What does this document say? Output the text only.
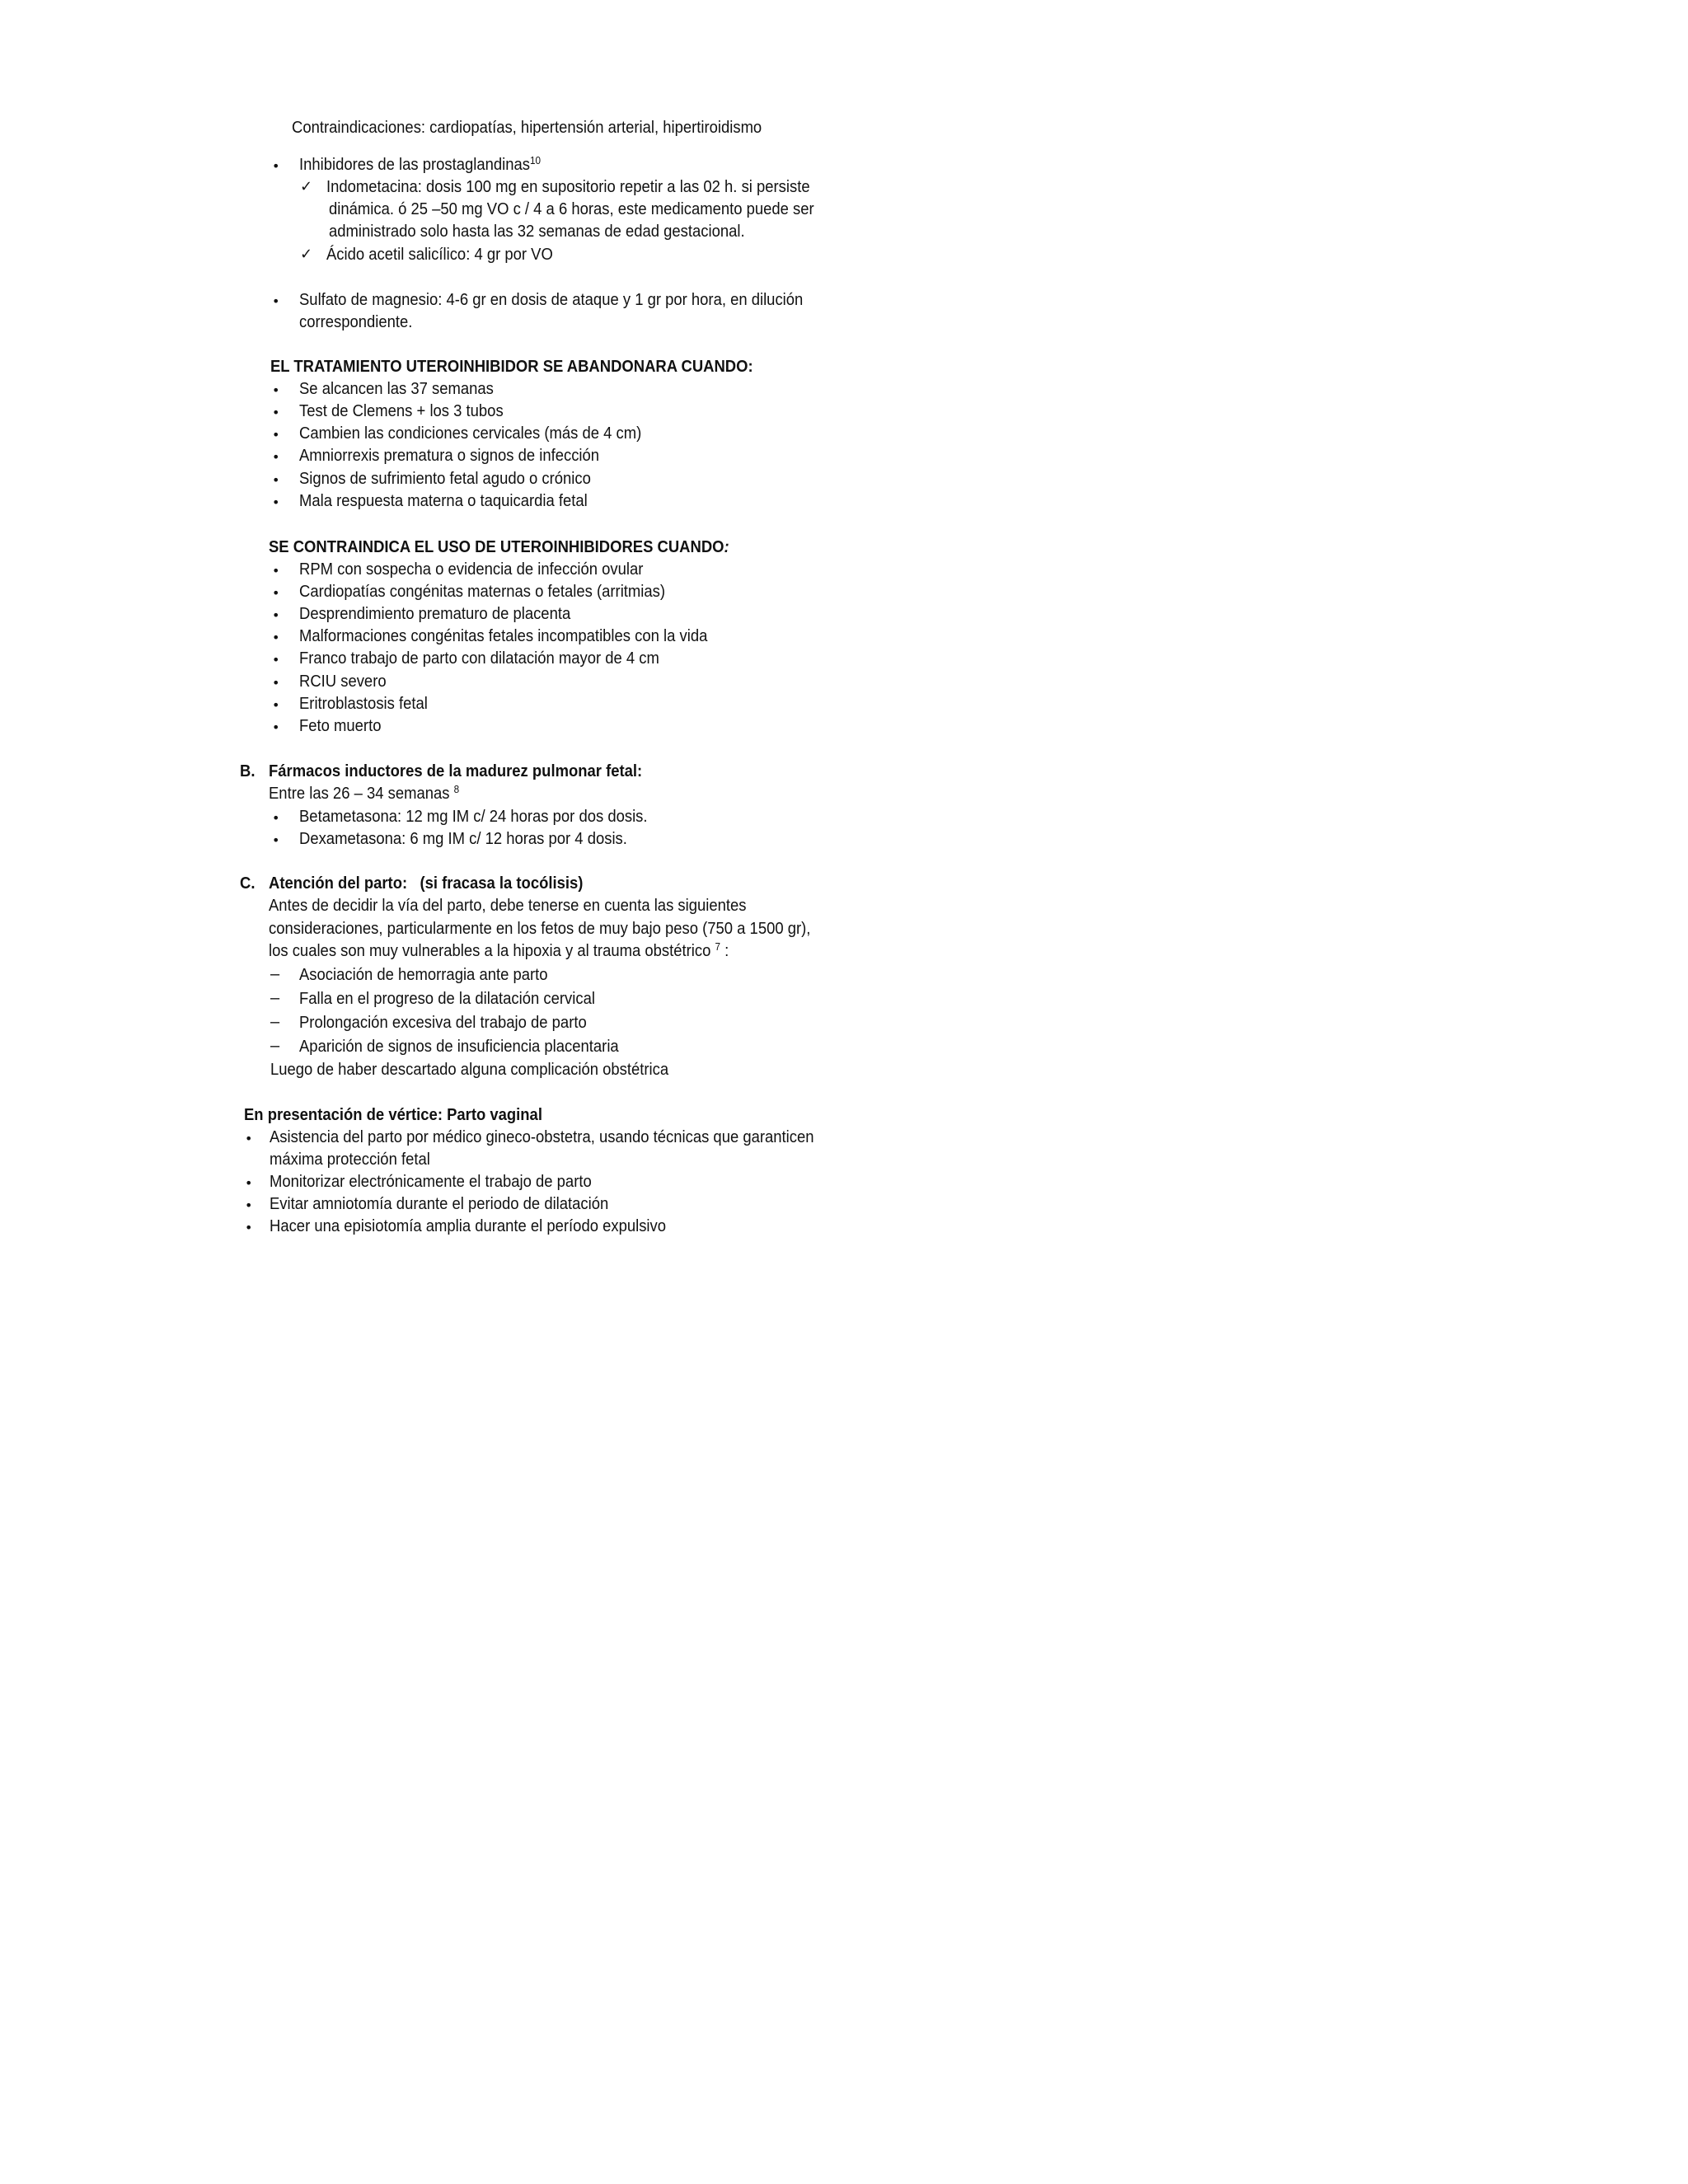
Contraindicaciones: cardiopatías, hipertensión arterial, hipertiroidismo
• Inhibidores de las prostaglandinas$^{10}$
✓ Indometacina: dosis 100 mg en supositorio repetir a las 02 h. si persiste
dinámica. ó 25 –50 mg VO c / 4 a 6 horas, este medicamento puede ser
administrado solo hasta las 32 semanas de edad gestacional.
✓ Ácido acetil salicílico: 4 gr por VO
• Sulfato de magnesio: 4-6 gr en dosis de ataque y 1 gr por hora, en dilución
correspondiente.
EL TRATAMIENTO UTEROINHIBIDOR SE ABANDONARA CUANDO:
• Se alcancen las 37 semanas
• Test de Clemens + los 3 tubos
• Cambien las condiciones cervicales (más de 4 cm)
• Amniorrexis prematura o signos de infección
• Signos de sufrimiento fetal agudo o crónico
• Mala respuesta materna o taquicardia fetal
SE CONTRAINDICA EL USO DE UTEROINHIBIDORES CUANDO:
• RPM con sospecha o evidencia de infección ovular
• Cardiopatías congénitas maternas o fetales (arritmias)
• Desprendimiento prematuro de placenta
• Malformaciones congénitas fetales incompatibles con la vida
• Franco trabajo de parto con dilatación mayor de 4 cm
• RCIU severo
• Eritroblastosis fetal
• Feto muerto
B. Fármacos inductores de la madurez pulmonar fetal:
Entre las 26 – 34 semanas $^8$
• Betametasona: 12 mg IM c/ 24 horas por dos dosis.
• Dexametasona: 6 mg IM c/ 12 horas por 4 dosis.
C. Atención del parto:   (si fracasa la tocólisis)
Antes de decidir la vía del parto, debe tenerse en cuenta las siguientes
consideraciones, particularmente en los fetos de muy bajo peso (750 a 1500 gr),
los cuales son muy vulnerables a la hipoxia y al trauma obstétrico $^7$ :
– Asociación de hemorragia ante parto
– Falla en el progreso de la dilatación cervical
– Prolongación excesiva del trabajo de parto
– Aparición de signos de insuficiencia placentaria
Luego de haber descartado alguna complicación obstétrica
En presentación de vértice: Parto vaginal
• Asistencia del parto por médico gineco-obstetra, usando técnicas que garanticen
máxima protección fetal
• Monitorizar electrónicamente el trabajo de parto
• Evitar amniotomía durante el periodo de dilatación
• Hacer una episiotomía amplia durante el período expulsivo
